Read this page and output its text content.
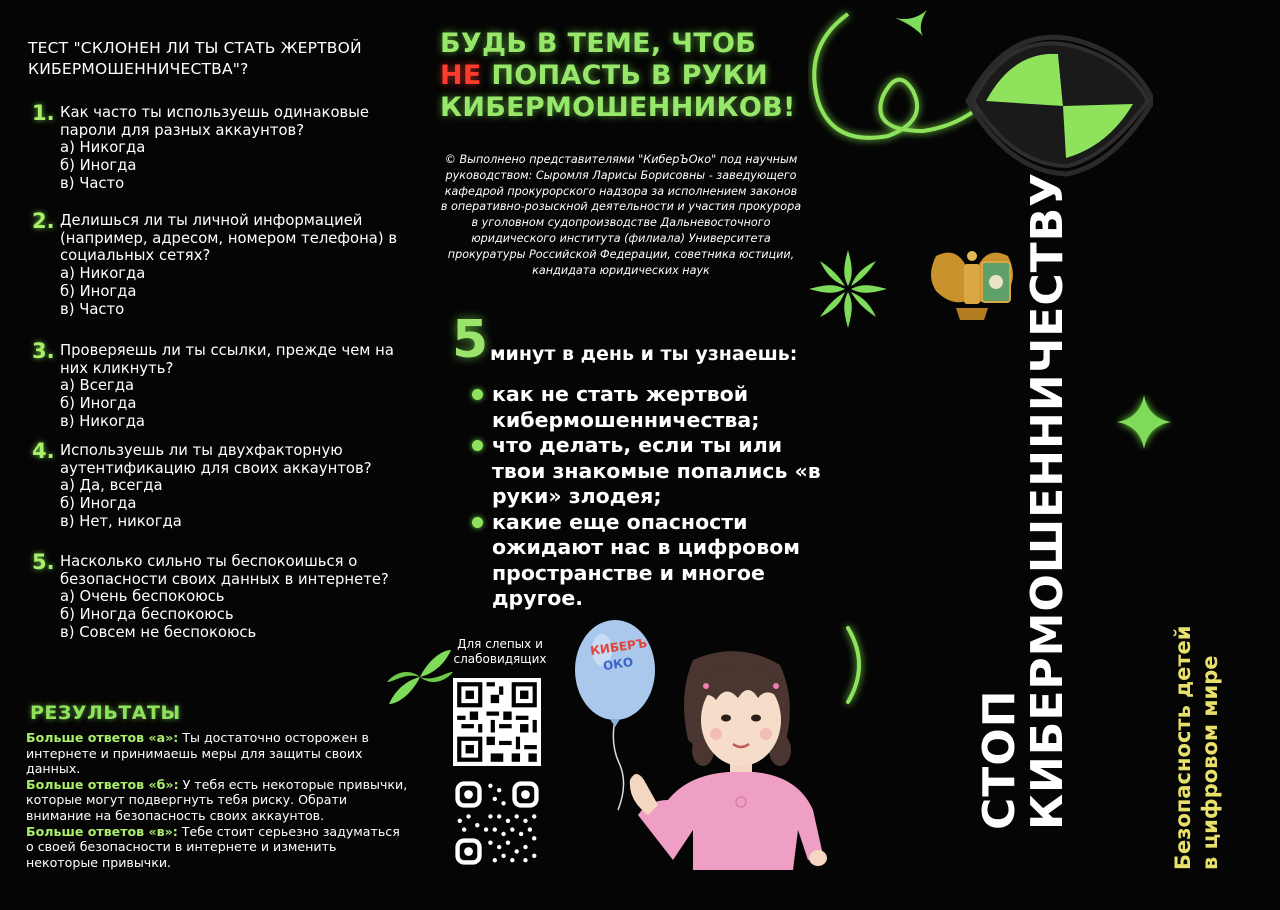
ТЕСТ "СКЛОНЕН ЛИ ТЫ СТАТЬ ЖЕРТВОЙ КИБЕРМОШЕННИЧЕСТВА"?
1. Как часто ты используешь одинаковые пароли для разных аккаунтов?
а) Никогда
б) Иногда
в) Часто
2. Делишься ли ты личной информацией (например, адресом, номером телефона) в социальных сетях?
а) Никогда
б) Иногда
в) Часто
3. Проверяешь ли ты ссылки, прежде чем на них кликнуть?
а) Всегда
б) Иногда
в) Никогда
4. Используешь ли ты двухфакторную аутентификацию для своих аккаунтов?
а) Да, всегда
б) Иногда
в) Нет, никогда
5. Насколько сильно ты беспокоишься о безопасности своих данных в интернете?
а) Очень беспокоюсь
б) Иногда беспокоюсь
в) Совсем не беспокоюсь
РЕЗУЛЬТАТЫ
Больше ответов «а»: Ты достаточно осторожен в интернете и принимаешь меры для защиты своих данных.
Больше ответов «б»: У тебя есть некоторые привычки, которые могут подвергнуть тебя риску. Обрати внимание на безопасность своих аккаунтов.
Больше ответов «в»: Тебе стоит серьезно задуматься о своей безопасности в интернете и изменить некоторые привычки.
БУДЬ В ТЕМЕ, ЧТОБ
НЕ ПОПАСТЬ В РУКИ
КИБЕРМОШЕННИКОВ!
© Выполнено представителями "КиберЪОко" под научным руководством: Сыромля Ларисы Борисовны - заведующего кафедрой прокурорского надзора за исполнением законов в оперативно-розыскной деятельности и участия прокурора в уголовном судопроизводстве Дальневосточного юридического института (филиала) Университета прокуратуры Российской Федерации, советника юстиции, кандидата юридических наук
5 минут в день и ты узнаешь:
как не стать жертвой кибермошенничества;
что делать, если ты или твои знакомые попались «в руки» злодея;
какие еще опасности ожидают нас в цифровом пространстве и многое другое.
Для слепых и слабовидящих
КИБЕРЪ
ОКО
СТОП
КИБЕРМОШЕННИЧЕСТВУ	Безопасность детей в цифровом мире
